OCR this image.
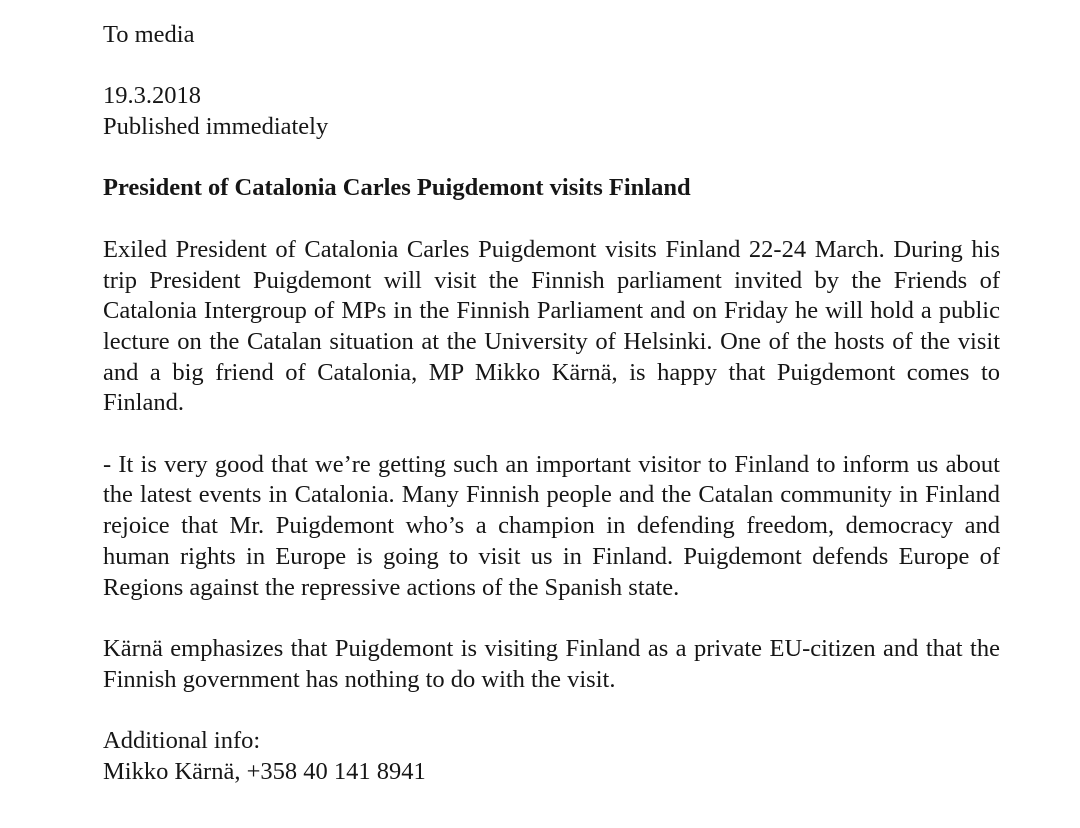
To media

19.3.2018

Published immediately

President of Catalonia Carles Puigdemont visits Finland

Exiled President of Catalonia Carles Puigdemont visits Finland 22-24 March. During his trip President Puigdemont will visit the Finnish parliament invited by the Friends of Catalonia Intergroup of MPs in the Finnish Parliament and on Friday he will hold a public lecture on the Catalan situation at the University of Helsinki. One of the hosts of the visit and a big friend of Catalonia, MP Mikko Kärnä, is happy that Puigdemont comes to Finland.

- It is very good that we’re getting such an important visitor to Finland to inform us about the latest events in Catalonia. Many Finnish people and the Catalan community in Finland rejoice that Mr. Puigdemont who’s a champion in defending freedom, democracy and human rights in Europe is going to visit us in Finland. Puigdemont defends Europe of Regions against the repressive actions of the Spanish state.

Kärnä emphasizes that Puigdemont is visiting Finland as a private EU-citizen and that the Finnish government has nothing to do with the visit.

Additional info:

Mikko Kärnä, +358 40 141 8941
